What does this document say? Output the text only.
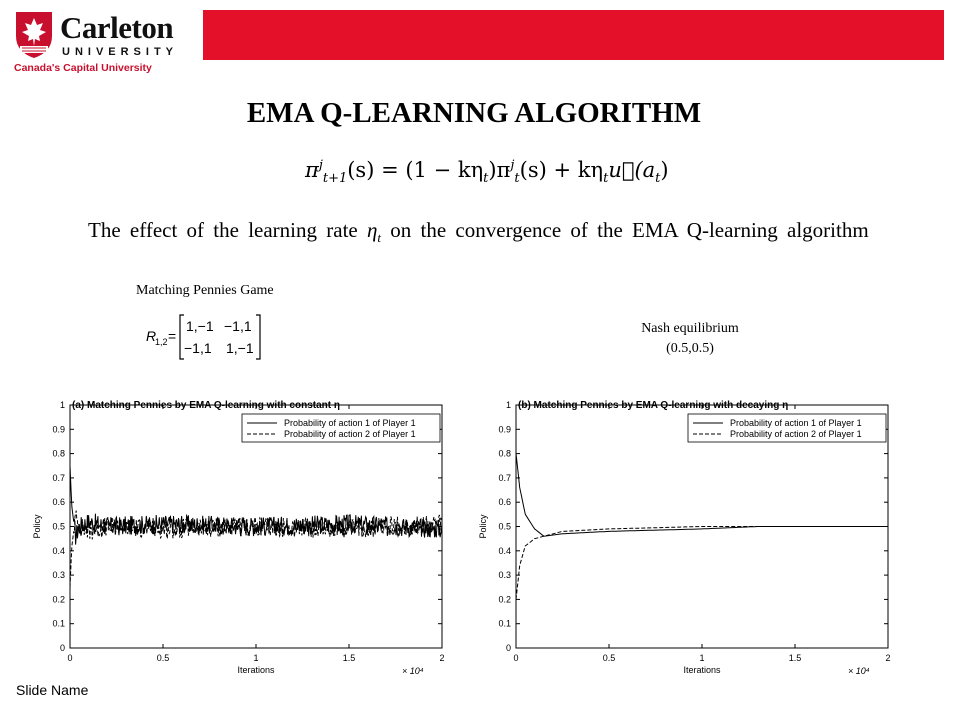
Carleton
UNIVERSITY
Canada's Capital University
EMA Q-LEARNING ALGORITHM
$\pi^j_{t+1}(s) = (1 - k\eta_t)\pi^j_t(s)$ + $k\eta_tu⃗(a_t)$
The effect of the learning rate $\eta_t$ on the convergence of the EMA Q-learning algorithm
Matching Pennies Game
R
1,2 =
1,−1 −1,1
−1,1 1,−1
Nash equilibrium
(0.5,0.5)
(a) Matching Pennies by EMA Q-learning with constant η
0
0.1
0.2
0.3
0.4
0.5
0.6
0.7
0.8
0.9
1
0	0.5	1	1.5	2
Iterations	× 10⁴
Policy
Probability of action 1 of Player 1
Probability of action 2 of Player 1
(b) Matching Pennies by EMA Q-learning with decaying η
0
0.1
0.2
0.3
0.4
0.5
0.6
0.7
0.8
0.9
1
0	0.5	1	1.5	2
Iterations	× 10⁴
Policy
Probability of action 1 of Player 1
Probability of action 2 of Player 1
Slide Name
